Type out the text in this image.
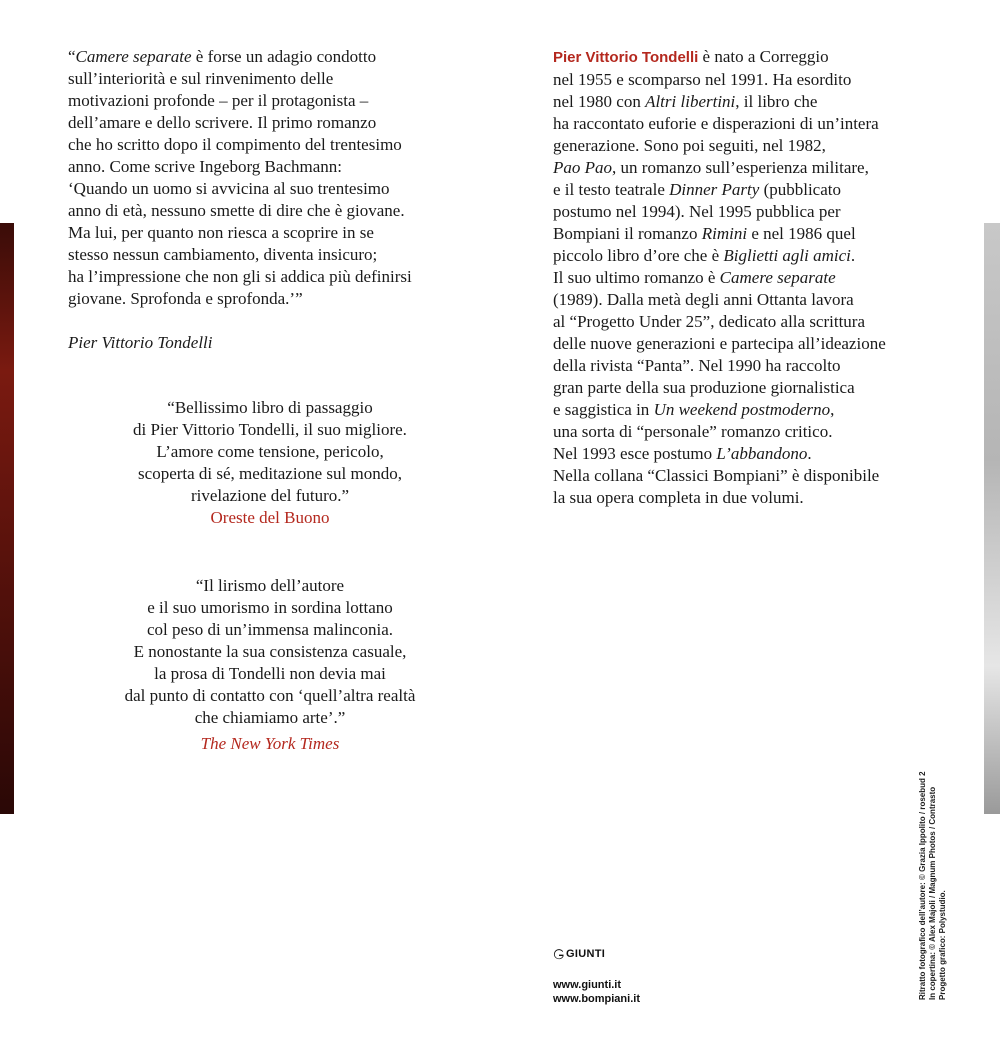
“Camere separate è forse un adagio condotto
sull’interiorità e sul rinvenimento delle
motivazioni profonde – per il protagonista –
dell’amare e dello scrivere. Il primo romanzo
che ho scritto dopo il compimento del trentesimo
anno. Come scrive Ingeborg Bachmann:
‘Quando un uomo si avvicina al suo trentesimo
anno di età, nessuno smette di dire che è giovane.
Ma lui, per quanto non riesca a scoprire in se
stesso nessun cambiamento, diventa insicuro;
ha l’impressione che non gli si addica più definirsi
giovane. Sprofonda e sprofonda.’”
Pier Vittorio Tondelli
“Bellissimo libro di passaggio
di Pier Vittorio Tondelli, il suo migliore.
L’amore come tensione, pericolo,
scoperta di sé, meditazione sul mondo,
rivelazione del futuro.”
Oreste del Buono
“Il lirismo dell’autore
e il suo umorismo in sordina lottano
col peso di un’immensa malinconia.
E nonostante la sua consistenza casuale,
la prosa di Tondelli non devia mai
dal punto di contatto con ‘quell’altra realtà
che chiamiamo arte’.”
The New York Times
Pier Vittorio Tondelli è nato a Correggio
nel 1955 e scomparso nel 1991. Ha esordito
nel 1980 con Altri libertini, il libro che
ha raccontato euforie e disperazioni di un’intera
generazione. Sono poi seguiti, nel 1982,
Pao Pao, un romanzo sull’esperienza militare,
e il testo teatrale Dinner Party (pubblicato
postumo nel 1994). Nel 1995 pubblica per
Bompiani il romanzo Rimini e nel 1986 quel
piccolo libro d’ore che è Biglietti agli amici.
Il suo ultimo romanzo è Camere separate
(1989). Dalla metà degli anni Ottanta lavora
al “Progetto Under 25”, dedicato alla scrittura
delle nuove generazioni e partecipa all’ideazione
della rivista “Panta”. Nel 1990 ha raccolto
gran parte della sua produzione giornalistica
e saggistica in Un weekend postmoderno,
una sorta di “personale” romanzo critico.
Nel 1993 esce postumo L’abbandono.
Nella collana “Classici Bompiani” è disponibile
la sua opera completa in due volumi.
GIUNTI
www.giunti.it
www.bompiani.it	Ritratto fotografico dell’autore: © Grazia Ippolito / rosebud 2 In copertina: © Alex Majoli / Magnum Photos / Contrasto Progetto grafico: Polystudio.
